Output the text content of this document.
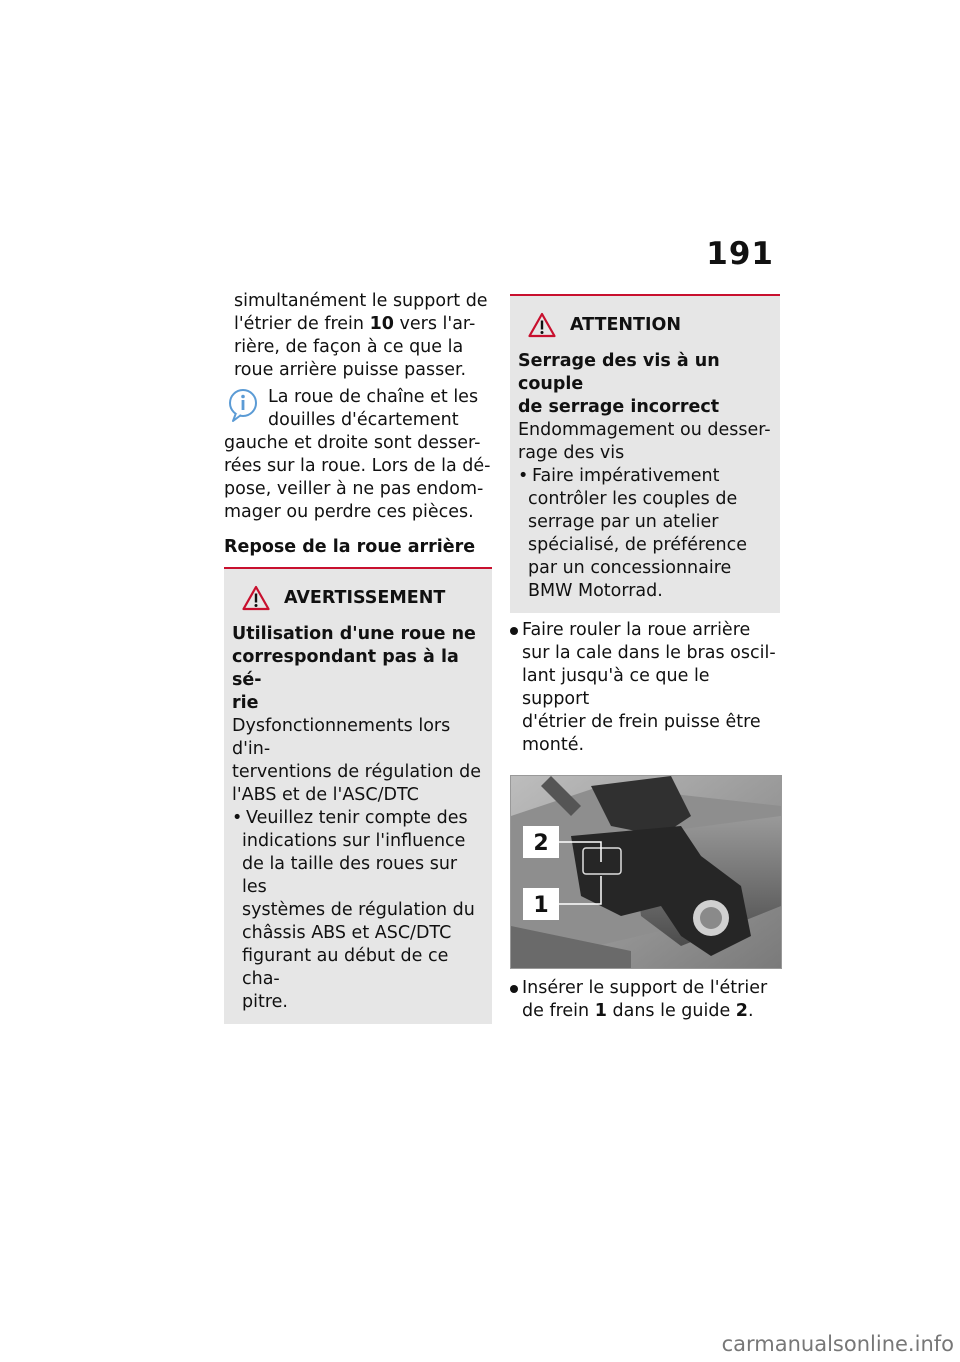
191
simultanément le support de
l'étrier de frein 10 vers l'ar-
rière, de façon à ce que la
roue arrière puisse passer.
La roue de chaîne et les
douilles d'écartement
gauche et droite sont desser-
rées sur la roue. Lors de la dé-
pose, veiller à ne pas endom-
mager ou perdre ces pièces.
Repose de la roue arrière
AVERTISSEMENT
Utilisation d'une roue ne
correspondant pas à la sé-
rie
Dysfonctionnements lors d'in-
terventions de régulation de
l'ABS et de l'ASC/DTC
• Veuillez tenir compte des
indications sur l'influence
de la taille des roues sur les
systèmes de régulation du
châssis ABS et ASC/DTC
figurant au début de ce cha-
pitre.
ATTENTION
Serrage des vis à un couple
de serrage incorrect
Endommagement ou desser-
rage des vis
• Faire impérativement
contrôler les couples de
serrage par un atelier
spécialisé, de préférence
par un concessionnaire
BMW Motorrad.
Faire rouler la roue arrière
sur la cale dans le bras oscil-
lant jusqu'à ce que le support
d'étrier de frein puisse être
monté.
2
1
Insérer le support de l'étrier
de frein 1 dans le guide 2.
carmanualsonline.info
